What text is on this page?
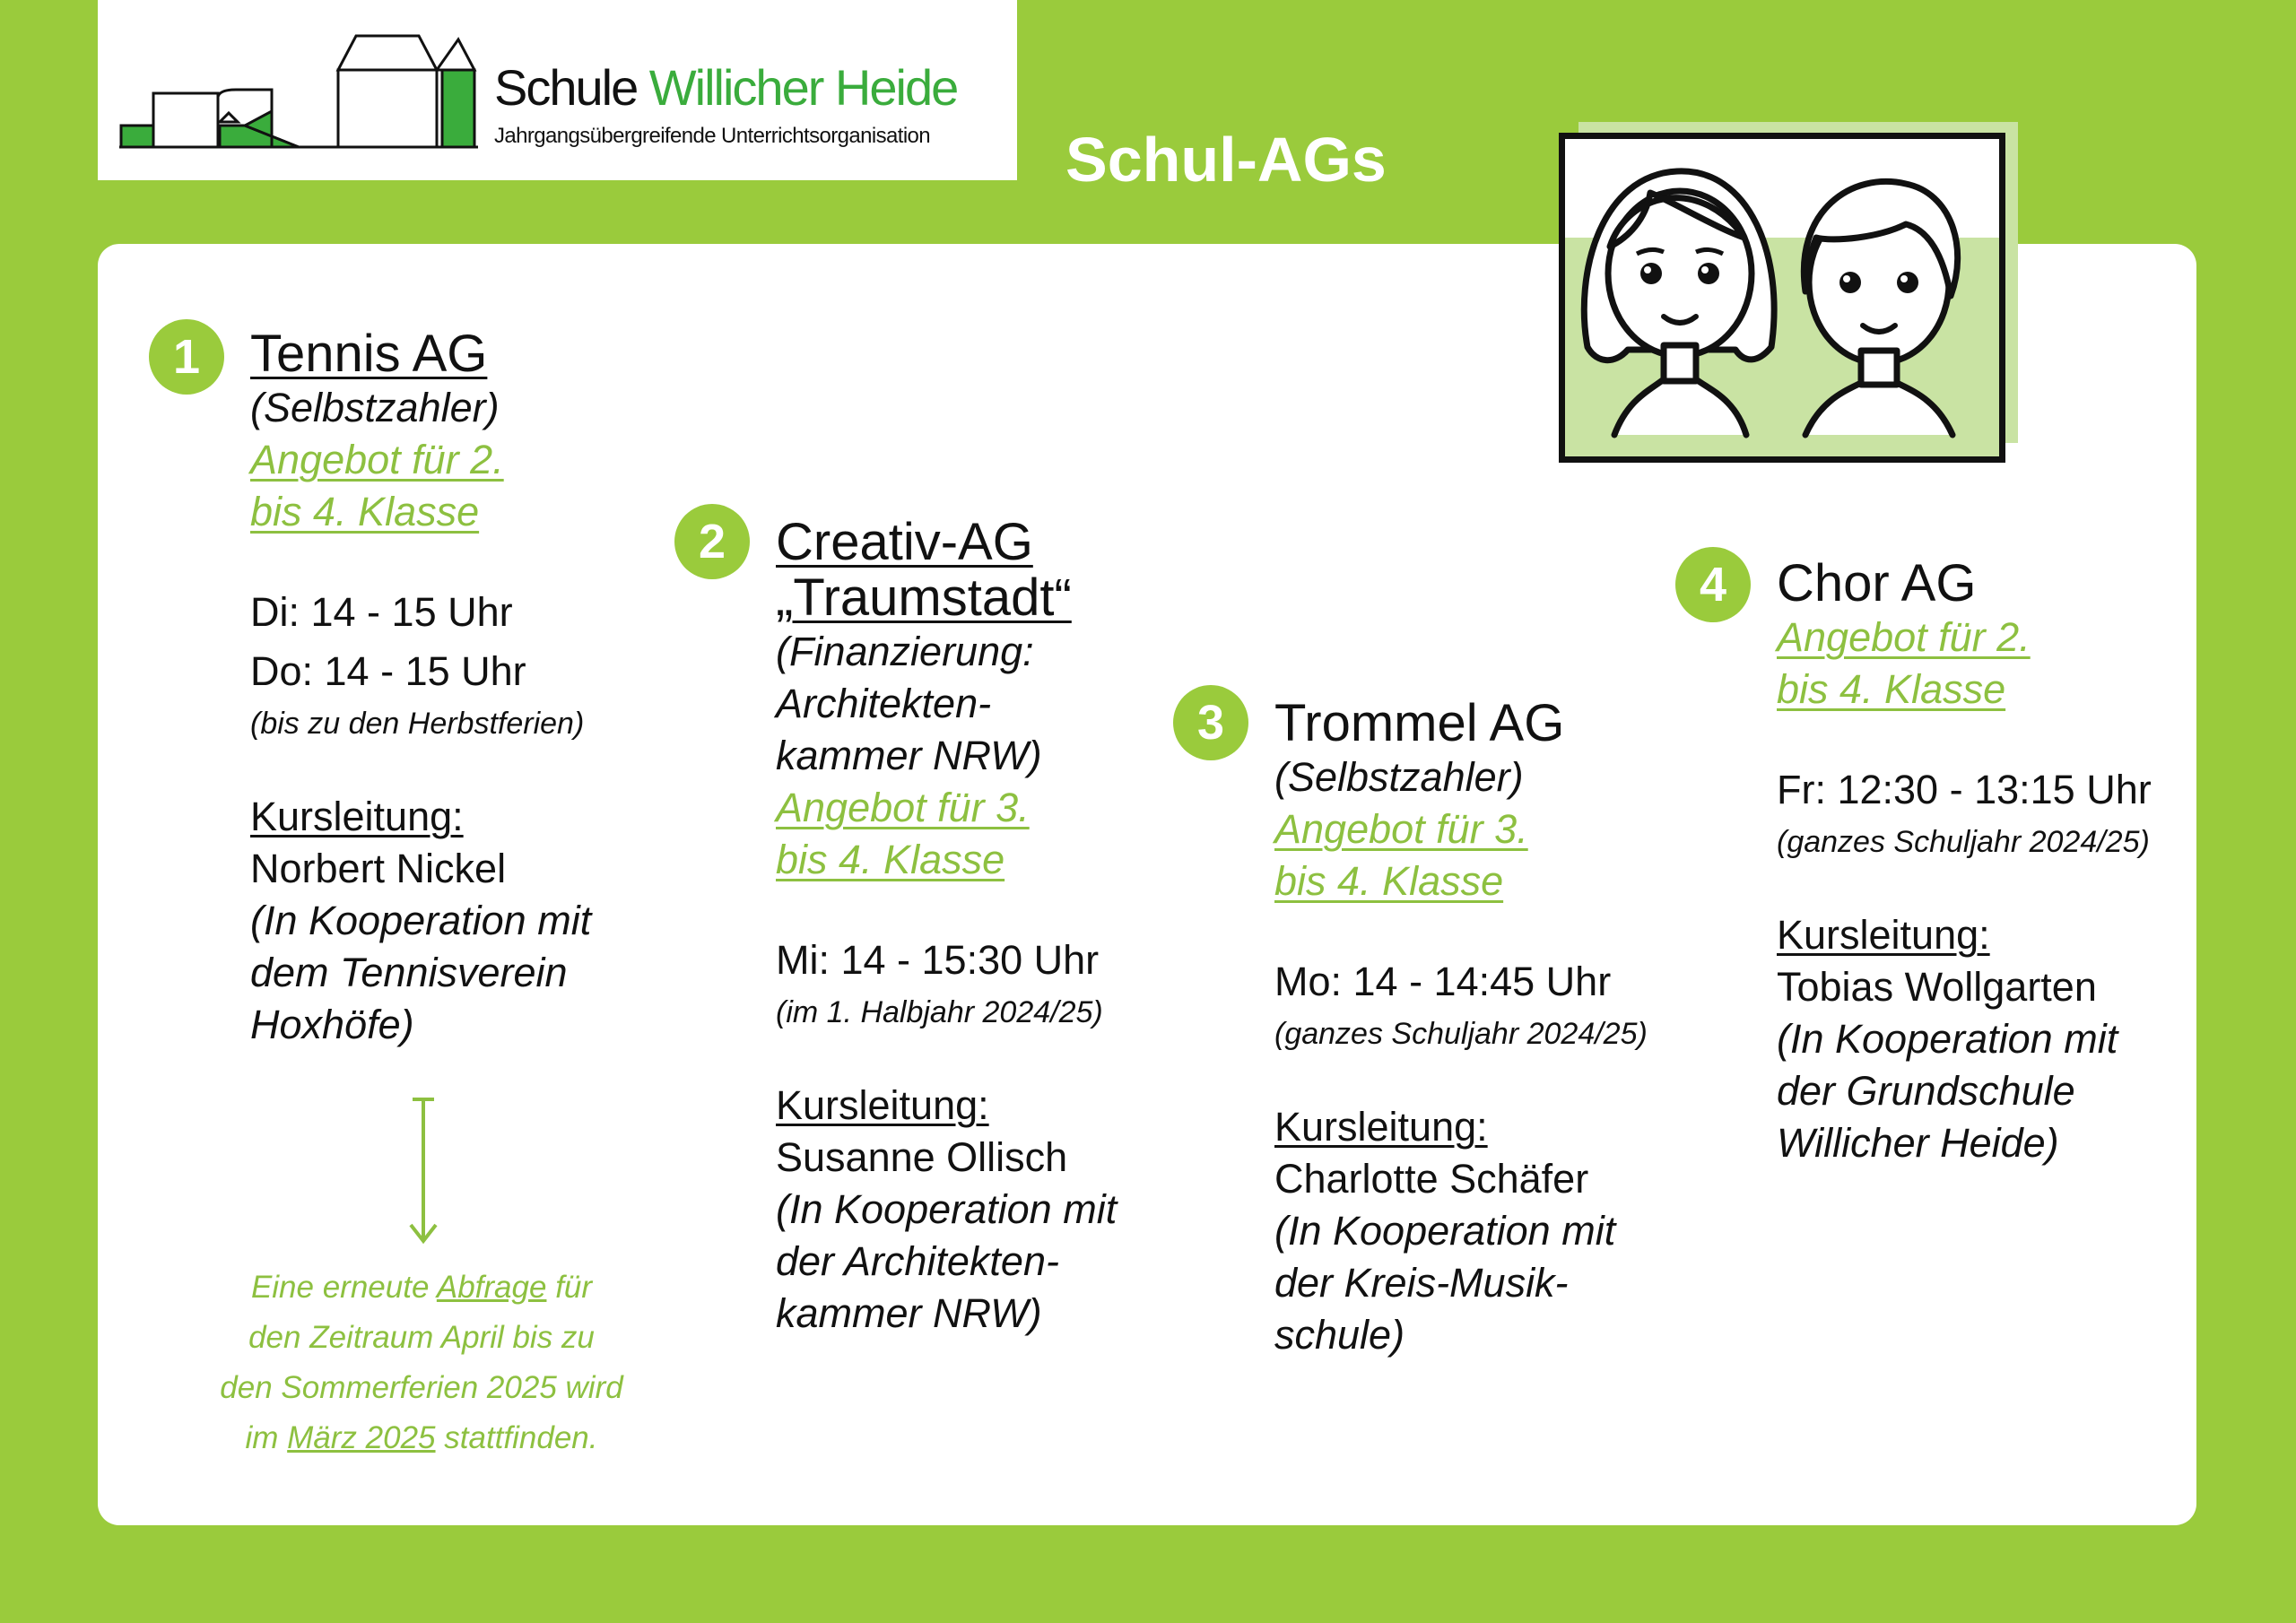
Schule Willicher Heide
Jahrgangsübergreifende Unterrichtsorganisation Schul-AGs
1 Tennis AG
(Selbstzahler)
Angebot für 2.
bis 4. Klasse
Di: 14 - 15 Uhr
Do: 14 - 15 Uhr
(bis zu den Herbstferien)
Kursleitung:
Norbert Nickel
(In Kooperation mit
dem Tennisverein
Hoxhöfe)
Eine erneute Abfrage für
den Zeitraum April bis zu
den Sommerferien 2025 wird
im März 2025 stattfinden.
2 Creativ-AG
„Traumstadt“
(Finanzierung:
Architekten-
kammer NRW)
Angebot für 3.
bis 4. Klasse
Mi: 14 - 15:30 Uhr
(im 1. Halbjahr 2024/25)
Kursleitung:
Susanne Ollisch
(In Kooperation mit
der Architekten-
kammer NRW)
3 Trommel AG
(Selbstzahler)
Angebot für 3.
bis 4. Klasse
Mo: 14 - 14:45 Uhr
(ganzes Schuljahr 2024/25)
Kursleitung:
Charlotte Schäfer
(In Kooperation mit
der Kreis-Musik-
schule)
4 Chor AG
Angebot für 2.
bis 4. Klasse
Fr: 12:30 - 13:15 Uhr
(ganzes Schuljahr 2024/25)
Kursleitung:
Tobias Wollgarten
(In Kooperation mit
der Grundschule
Willicher Heide)
